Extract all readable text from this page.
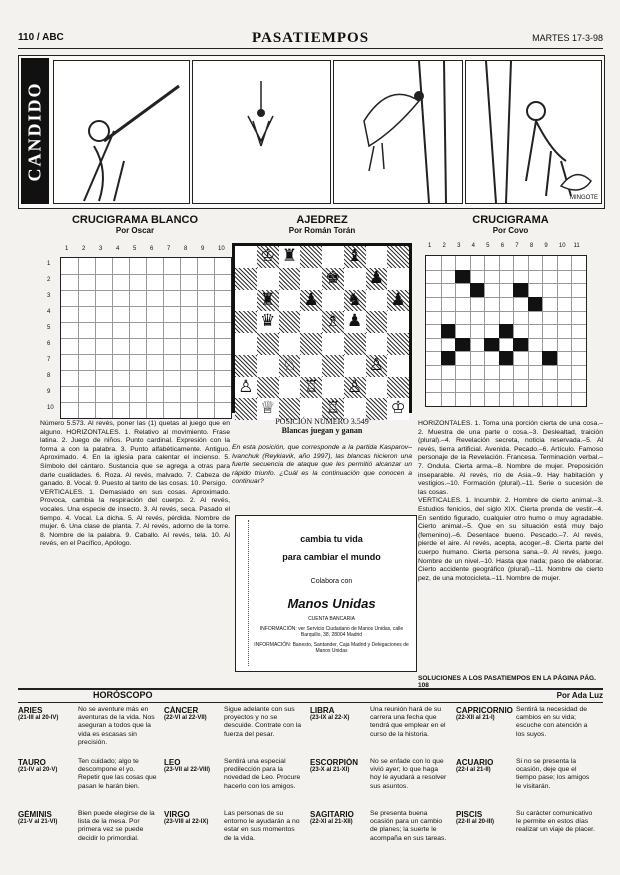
110 / ABC	PASATIEMPOS	MARTES 17-3-98
CANDIDO
MINGOTE
CRUCIGRAMA BLANCO
Por Oscar
1 2 3 4 5 6 7 8 9 10
1
2
3
4
5
6
7
8
9
10
Número 5.573. Al revés, poner las (1) quetas al juego que en alguno. HORIZONTALES. 1. Relativo al movimiento. Frase latina. 2. Juego de niños. Punto cardinal. Expresión con la forma a con la palabra. 3. Punto alfabéticamente. Antiguo. Aproximado. 4. En la iglesia para calentar el incienso. 5. Símbolo del cántaro. Sustancia que se agrega a otras para darle cualidades. 6. Roza. Al revés, malvado. 7. Cabeza de ganado. 8. Vocal. 9. Puesto al tanto de las cosas. 10. Persigo.
VERTICALES. 1. Demasiado en sus cosas. Aproximado. Provoca, cambia la respiración del cuerpo. 2. Al revés, vocales. Una especie de insecto. 3. Al revés, seca. Pasado el tiempo. 4. Vocal. La dicha. 5. Al revés, pérdida. Nombre de mujer. 6. Una clase de planta. 7. Al revés, adorno de la torre. 8. Nombre de la palabra. 9. Caballo. Al revés, tela. 10. Al revés, en el Pacífico, Apólogo.
AJEDREZ
Por Román Torán
♔ ♜	♝
♚ ♟
♜ ♟ ♞ ♟
♛	♗ ♟
♘	♙
♙	♖ ♙
♕	♖	♔
POSICIÓN NÚMERO 3.549
Blancas juegan y ganan
En esta posición, que corresponde a la partida Kasparov–Ivanchuk (Reykiavik, año 1997), las blancas hicieron una fuerte secuencia de ataque que les permitió alcanzar un rápido triunfo. ¿Cuál es la continuación que conocen a continuar?
cambia tu vida
para cambiar el mundo
Colabora con
Manos Unidas
CUENTA BANCARIA
INFORMACIÓN: ver Servicio Ciudadano de Manos Unidas, calle Barquillo, 38, 28004 Madrid
INFORMACIÓN: Banesto, Santander, Caja Madrid y Delegaciones de Manos Unidas
CRUCIGRAMA
Por Covo
1 2 3 4 5 6 7 8 9 10 11
HORIZONTALES. 1. Toma una porción cierta de una cosa.–2. Muestra de una parte o cosa.–3. Deslealtad, traición (plural).–4. Revelación secreta, noticia reservada.–5. Al revés, tierra artificial. Avenida. Pecado.–6. Artículo. Famoso personaje de la Revelación. Francesa. Terminación verbal.–7. Ondula. Cierta arma.–8. Nombre de mujer. Preposición inseparable. Al revés, río de Asia.–9. Hay habitación y vestigios.–10. Formación (plural).–11. Serie o sucesión de las cosas.
VERTICALES. 1. Incumbir. 2. Hombre de cierto animal.–3. Estudios fenicios, del siglo XIX. Cierta prenda de vestir.–4. En sentido figurado, cualquier otro humo o muy agradable. Cierto animal.–5. Que en su situación está muy bajo (femenino).–6. Desenlace bueno. Pescado.–7. Al revés, pierde el aire. Al revés, acepta, acoger.–8. Cierta parte del cuerpo humano. Cierta persona sana.–9. Al revés, juego. Nombre de un nivel.–10. Hasta que nada; paso de elaborar. Cierto accidente geográfico (plural).–11. Nombre de cierto pez, de una motocicleta.–11. Nombre de mujer.
SOLUCIONES A LOS PASATIEMPOS EN LA PÁGINA PÁG. 108
HORÓSCOPO	Por Ada Luz
ARIES
(21-III al 20-IV)
No se aventure más en aventuras de la vida. Nos aseguran a todos que la vida es escasas sin precisión.
TAURO
(21-IV al 20-V)
Ten cuidado; algo te descompone el yo. Repetir que las cosas que pasan le harán bien.
GÉMINIS
(21-V al 21-VI)
Bien puede elegirse de la lista de la mesa. Por primera vez se puede decidir lo primordial.
CÁNCER
(22-VI al 22-VII)
Sigue adelante con sus proyectos y no se descuide. Contrate con la fuerza del pesar.
LEO
(23-VII al 22-VIII)
Sentirá una especial predilección para la novedad de Leo. Procure hacerlo con los amigos.
VIRGO
(23-VIII al 22-IX)
Las personas de su entorno le ayudarán a no estar en sus momentos de la vida.
LIBRA
(23-IX al 22-X)
Una reunión hará de su carrera una fecha que tendrá que emplear en el curso de la historia.
ESCORPIÓN
(23-X al 21-XI)
No se enfade con lo que vivió ayer; lo que haga hoy le ayudará a resolver sus asuntos.
SAGITARIO
(22-XI al 21-XII)
Se presenta buena ocasión para un cambio de planes; la suerte le acompaña en sus tareas.
CAPRICORNIO
(22-XII al 21-I)
Sentirá la necesidad de cambios en su vida; escuche con atención a los suyos.
ACUARIO
(22-I al 21-II)
Si no se presenta la ocasión, deje que el tiempo pase; los amigos le visitarán.
PISCIS
(22-II al 20-III)
Su carácter comunicativo le permite en estos días realizar un viaje de placer.
